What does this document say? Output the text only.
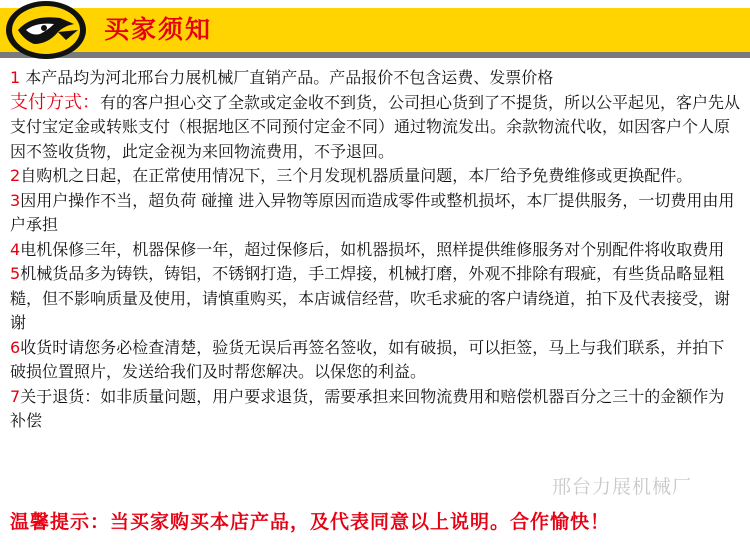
买家须知

1 本产品均为河北邢台力展机械厂直销产品。产品报价不包含运费、发票价格

支付方式：有的客户担心交了全款或定金收不到货，公司担心货到了不提货，所以公平起见，客户先从支付宝定金或转账支付（根据地区不同预付定金不同）通过物流发出。余款物流代收，如因客户个人原因不签收货物，此定金视为来回物流费用，不予退回。

2自购机之日起，在正常使用情况下，三个月发现机器质量问题，本厂给予免费维修或更换配件。

3因用户操作不当，超负荷 碰撞 进入异物等原因而造成零件或整机损坏，本厂提供服务，一切费用由用户承担

4电机保修三年，机器保修一年，超过保修后，如机器损坏，照样提供维修服务对个别配件将收取费用

5机械货品多为铸铁，铸铝，不锈钢打造，手工焊接，机械打磨，外观不排除有瑕疵，有些货品略显粗糙，但不影响质量及使用，请慎重购买，本店诚信经营，吹毛求疵的客户请绕道，拍下及代表接受，谢谢

6收货时请您务必检查清楚，验货无误后再签名签收，如有破损，可以拒签，马上与我们联系，并拍下破损位置照片，发送给我们及时帮您解决。以保您的利益。

7关于退货：如非质量问题，用户要求退货，需要承担来回物流费用和赔偿机器百分之三十的金额作为补偿

邢台力展机械厂
温馨提示：当买家购买本店产品，及代表同意以上说明。合作愉快！
